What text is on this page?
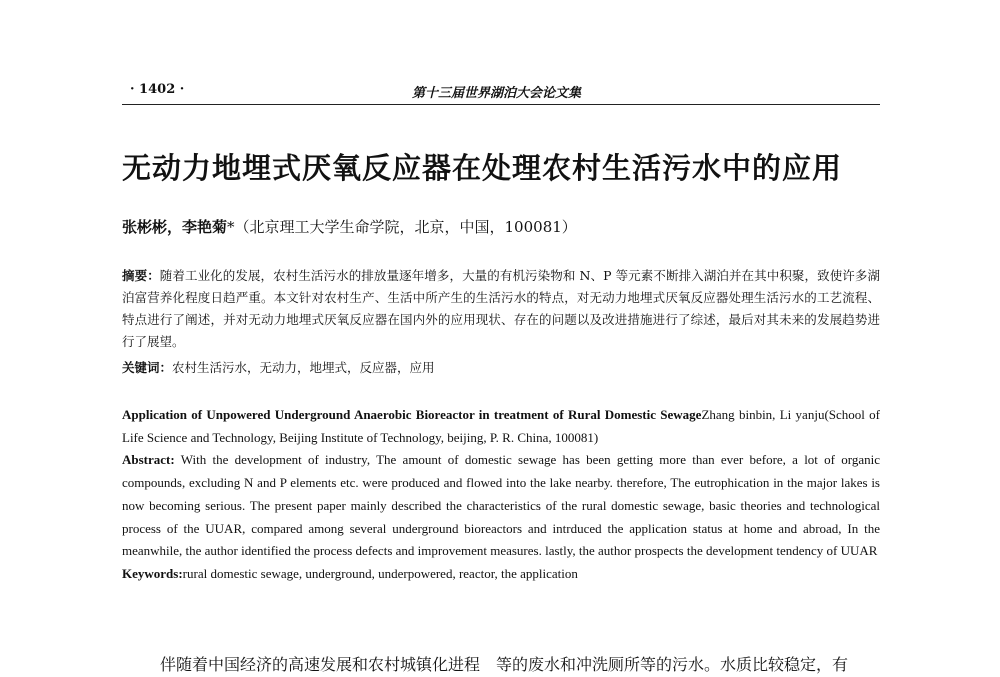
· 1402 ·	第十三届世界湖泊大会论文集
无动力地埋式厌氧反应器在处理农村生活污水中的应用
张彬彬，李艳菊*（北京理工大学生命学院，北京，中国，100081）
摘要：随着工业化的发展，农村生活污水的排放量逐年增多，大量的有机污染物和 N、P 等元素不断排入湖泊并在其中积聚，致使许多湖泊富营养化程度日趋严重。本文针对农村生产、生活中所产生的生活污水的特点，对无动力地埋式厌氧反应器处理生活污水的工艺流程、特点进行了阐述，并对无动力地埋式厌氧反应器在国内外的应用现状、存在的问题以及改进措施进行了综述，最后对其未来的发展趋势进行了展望。
关键词：农村生活污水，无动力，地埋式，反应器，应用

Application of Unpowered Underground Anaerobic Bioreactor in treatment of Rural Domestic SewageZhang binbin, Li yanju(School of Life Science and Technology, Beijing Institute of Technology, beijing, P. R. China, 100081)

Abstract: With the development of industry, The amount of domestic sewage has been getting more than ever before, a lot of organic compounds, excluding N and P elements etc. were produced and flowed into the lake nearby. therefore, The eutrophication in the major lakes is now becoming serious. The present paper mainly described the characteristics of the rural domestic sewage, basic theories and technological process of the UUAR, compared among several underground bioreactors and intrduced the application status at home and abroad, In the meanwhile, the author identified the process defects and improvement measures. lastly, the author prospects the development tendency of UUAR

Keywords:rural domestic sewage, underground, underpowered, reactor, the application

伴随着中国经济的高速发展和农村城镇化进程　等的废水和冲洗厕所等的污水。水质比较稳定，有
